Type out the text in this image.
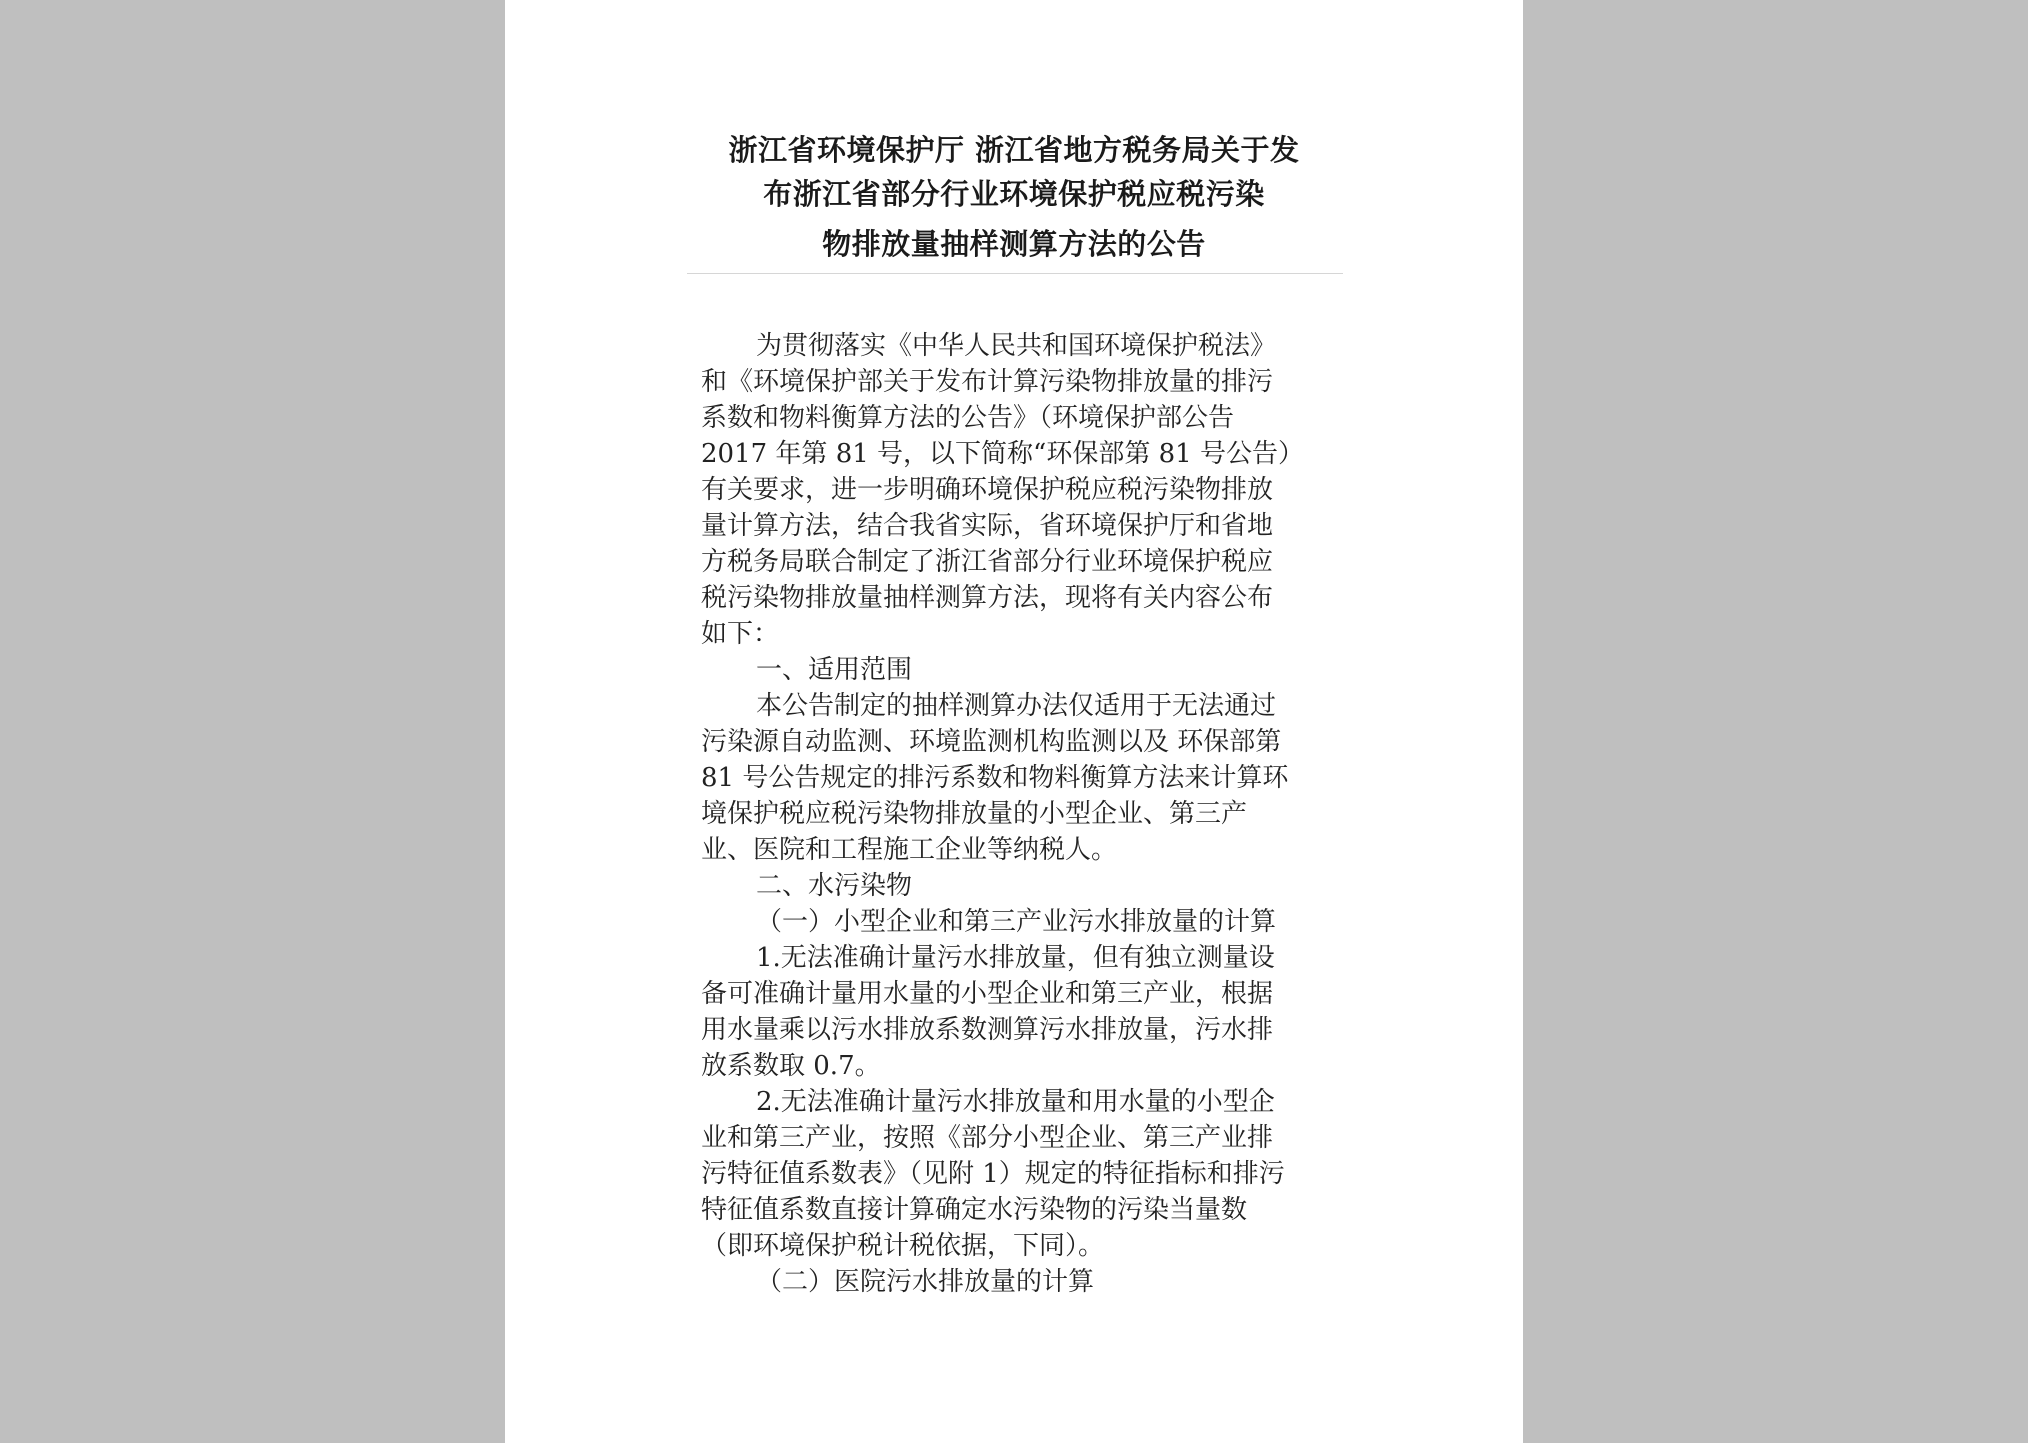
浙江省环境保护厅 浙江省地方税务局关于发
布浙江省部分行业环境保护税应税污染
物排放量抽样测算方法的公告
为贯彻落实《中华人民共和国环境保护税法》
和《环境保护部关于发布计算污染物排放量的排污
系数和物料衡算方法的公告》（环境保护部公告
2017 年第 81 号，以下简称“环保部第 81 号公告）
有关要求，进一步明确环境保护税应税污染物排放
量计算方法，结合我省实际，省环境保护厅和省地
方税务局联合制定了浙江省部分行业环境保护税应
税污染物排放量抽样测算方法，现将有关内容公布
如下：
一、适用范围
本公告制定的抽样测算办法仅适用于无法通过
污染源自动监测、环境监测机构监测以及 环保部第
81 号公告规定的排污系数和物料衡算方法来计算环
境保护税应税污染物排放量的小型企业、第三产
业、医院和工程施工企业等纳税人。
二、水污染物
（一）小型企业和第三产业污水排放量的计算
1.无法准确计量污水排放量，但有独立测量设
备可准确计量用水量的小型企业和第三产业，根据
用水量乘以污水排放系数测算污水排放量，污水排
放系数取 0.7。
2.无法准确计量污水排放量和用水量的小型企
业和第三产业，按照《部分小型企业、第三产业排
污特征值系数表》（见附 1）规定的特征指标和排污
特征值系数直接计算确定水污染物的污染当量数
（即环境保护税计税依据，下同）。
（二）医院污水排放量的计算
